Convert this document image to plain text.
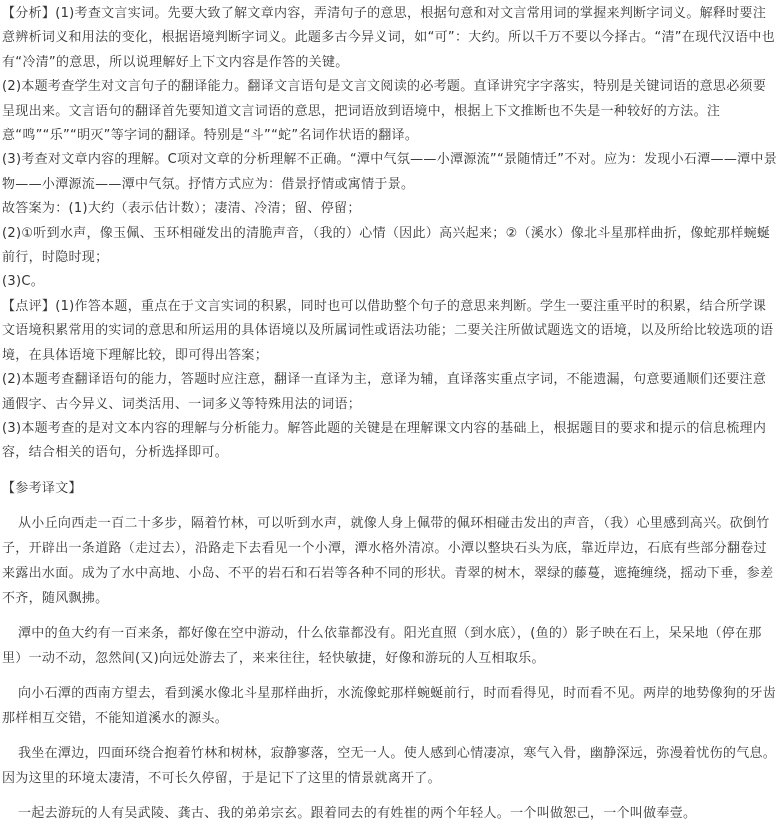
【分析】(1)考查文言实词。先要大致了解文章内容，弄清句子的意思，根据句意和对文言常用词的掌握来判断字词义。解释时要注意辨析词义和用法的变化，根据语境判断字词义。此题多古今异义词，如“可”：大约。所以千万不要以今择古。“清”在现代汉语中也有“冷清”的意思，所以说理解好上下文内容是作答的关键。

(2)本题考查学生对文言句子的翻译能力。翻译文言语句是文言文阅读的必考题。直译讲究字字落实，特别是关键词语的意思必须要呈现出来。文言语句的翻译首先要知道文言词语的意思，把词语放到语境中，根据上下文推断也不失是一种较好的方法。注意“鸣”“乐”“明灭”等字词的翻译。特别是“斗”“蛇”名词作状语的翻译。

(3)考查对文章内容的理解。C项对文章的分析理解不正确。“潭中气氛——小潭源流”“景随情迁”不对。应为：发现小石潭——潭中景物——小潭源流——潭中气氛。抒情方式应为：借景抒情或寓情于景。

故答案为：(1)大约（表示估计数）；凄清、冷清；留、停留；

(2)①听到水声，像玉佩、玉环相碰发出的清脆声音，（我的）心情（因此）高兴起来；②（溪水）像北斗星那样曲折，像蛇那样蜿蜒前行，时隐时现；

(3)C。

【点评】(1)作答本题，重点在于文言实词的积累，同时也可以借助整个句子的意思来判断。学生一要注重平时的积累，结合所学课文语境积累常用的实词的意思和所运用的具体语境以及所属词性或语法功能；二要关注所做试题选文的语境，以及所给比较选项的语境，在具体语境下理解比较，即可得出答案；

(2)本题考查翻译语句的能力，答题时应注意，翻译一直译为主，意译为辅，直译落实重点字词，不能遗漏，句意要通顺们还要注意通假字、古今异义、词类活用、一词多义等特殊用法的词语；

(3)本题考查的是对文本内容的理解与分析能力。解答此题的关键是在理解课文内容的基础上，根据题目的要求和提示的信息梳理内容，结合相关的语句，分析选择即可。

【参考译文】

从小丘向西走一百二十多步，隔着竹林，可以听到水声，就像人身上佩带的佩环相碰击发出的声音，（我）心里感到高兴。砍倒竹子，开辟出一条道路（走过去），沿路走下去看见一个小潭，潭水格外清凉。小潭以整块石头为底，靠近岸边，石底有些部分翻卷过来露出水面。成为了水中高地、小岛、不平的岩石和石岩等各种不同的形状。青翠的树木，翠绿的藤蔓，遮掩缠绕，摇动下垂，参差不齐，随风飘拂。

潭中的鱼大约有一百来条，都好像在空中游动，什么依靠都没有。阳光直照（到水底），(鱼的）影子映在石上，呆呆地（停在那里）一动不动，忽然间(又)向远处游去了，来来往往，轻快敏捷，好像和游玩的人互相取乐。

向小石潭的西南方望去，看到溪水像北斗星那样曲折，水流像蛇那样蜿蜒前行，时而看得见，时而看不见。两岸的地势像狗的牙齿那样相互交错，不能知道溪水的源头。

我坐在潭边，四面环绕合抱着竹林和树林，寂静寥落，空无一人。使人感到心情凄凉，寒气入骨，幽静深远，弥漫着忧伤的气息。 因为这里的环境太凄清，不可长久停留，于是记下了这里的情景就离开了。

一起去游玩的人有吴武陵、龚古、我的弟弟宗玄。跟着同去的有姓崔的两个年轻人。一个叫做恕己，一个叫做奉壹。
